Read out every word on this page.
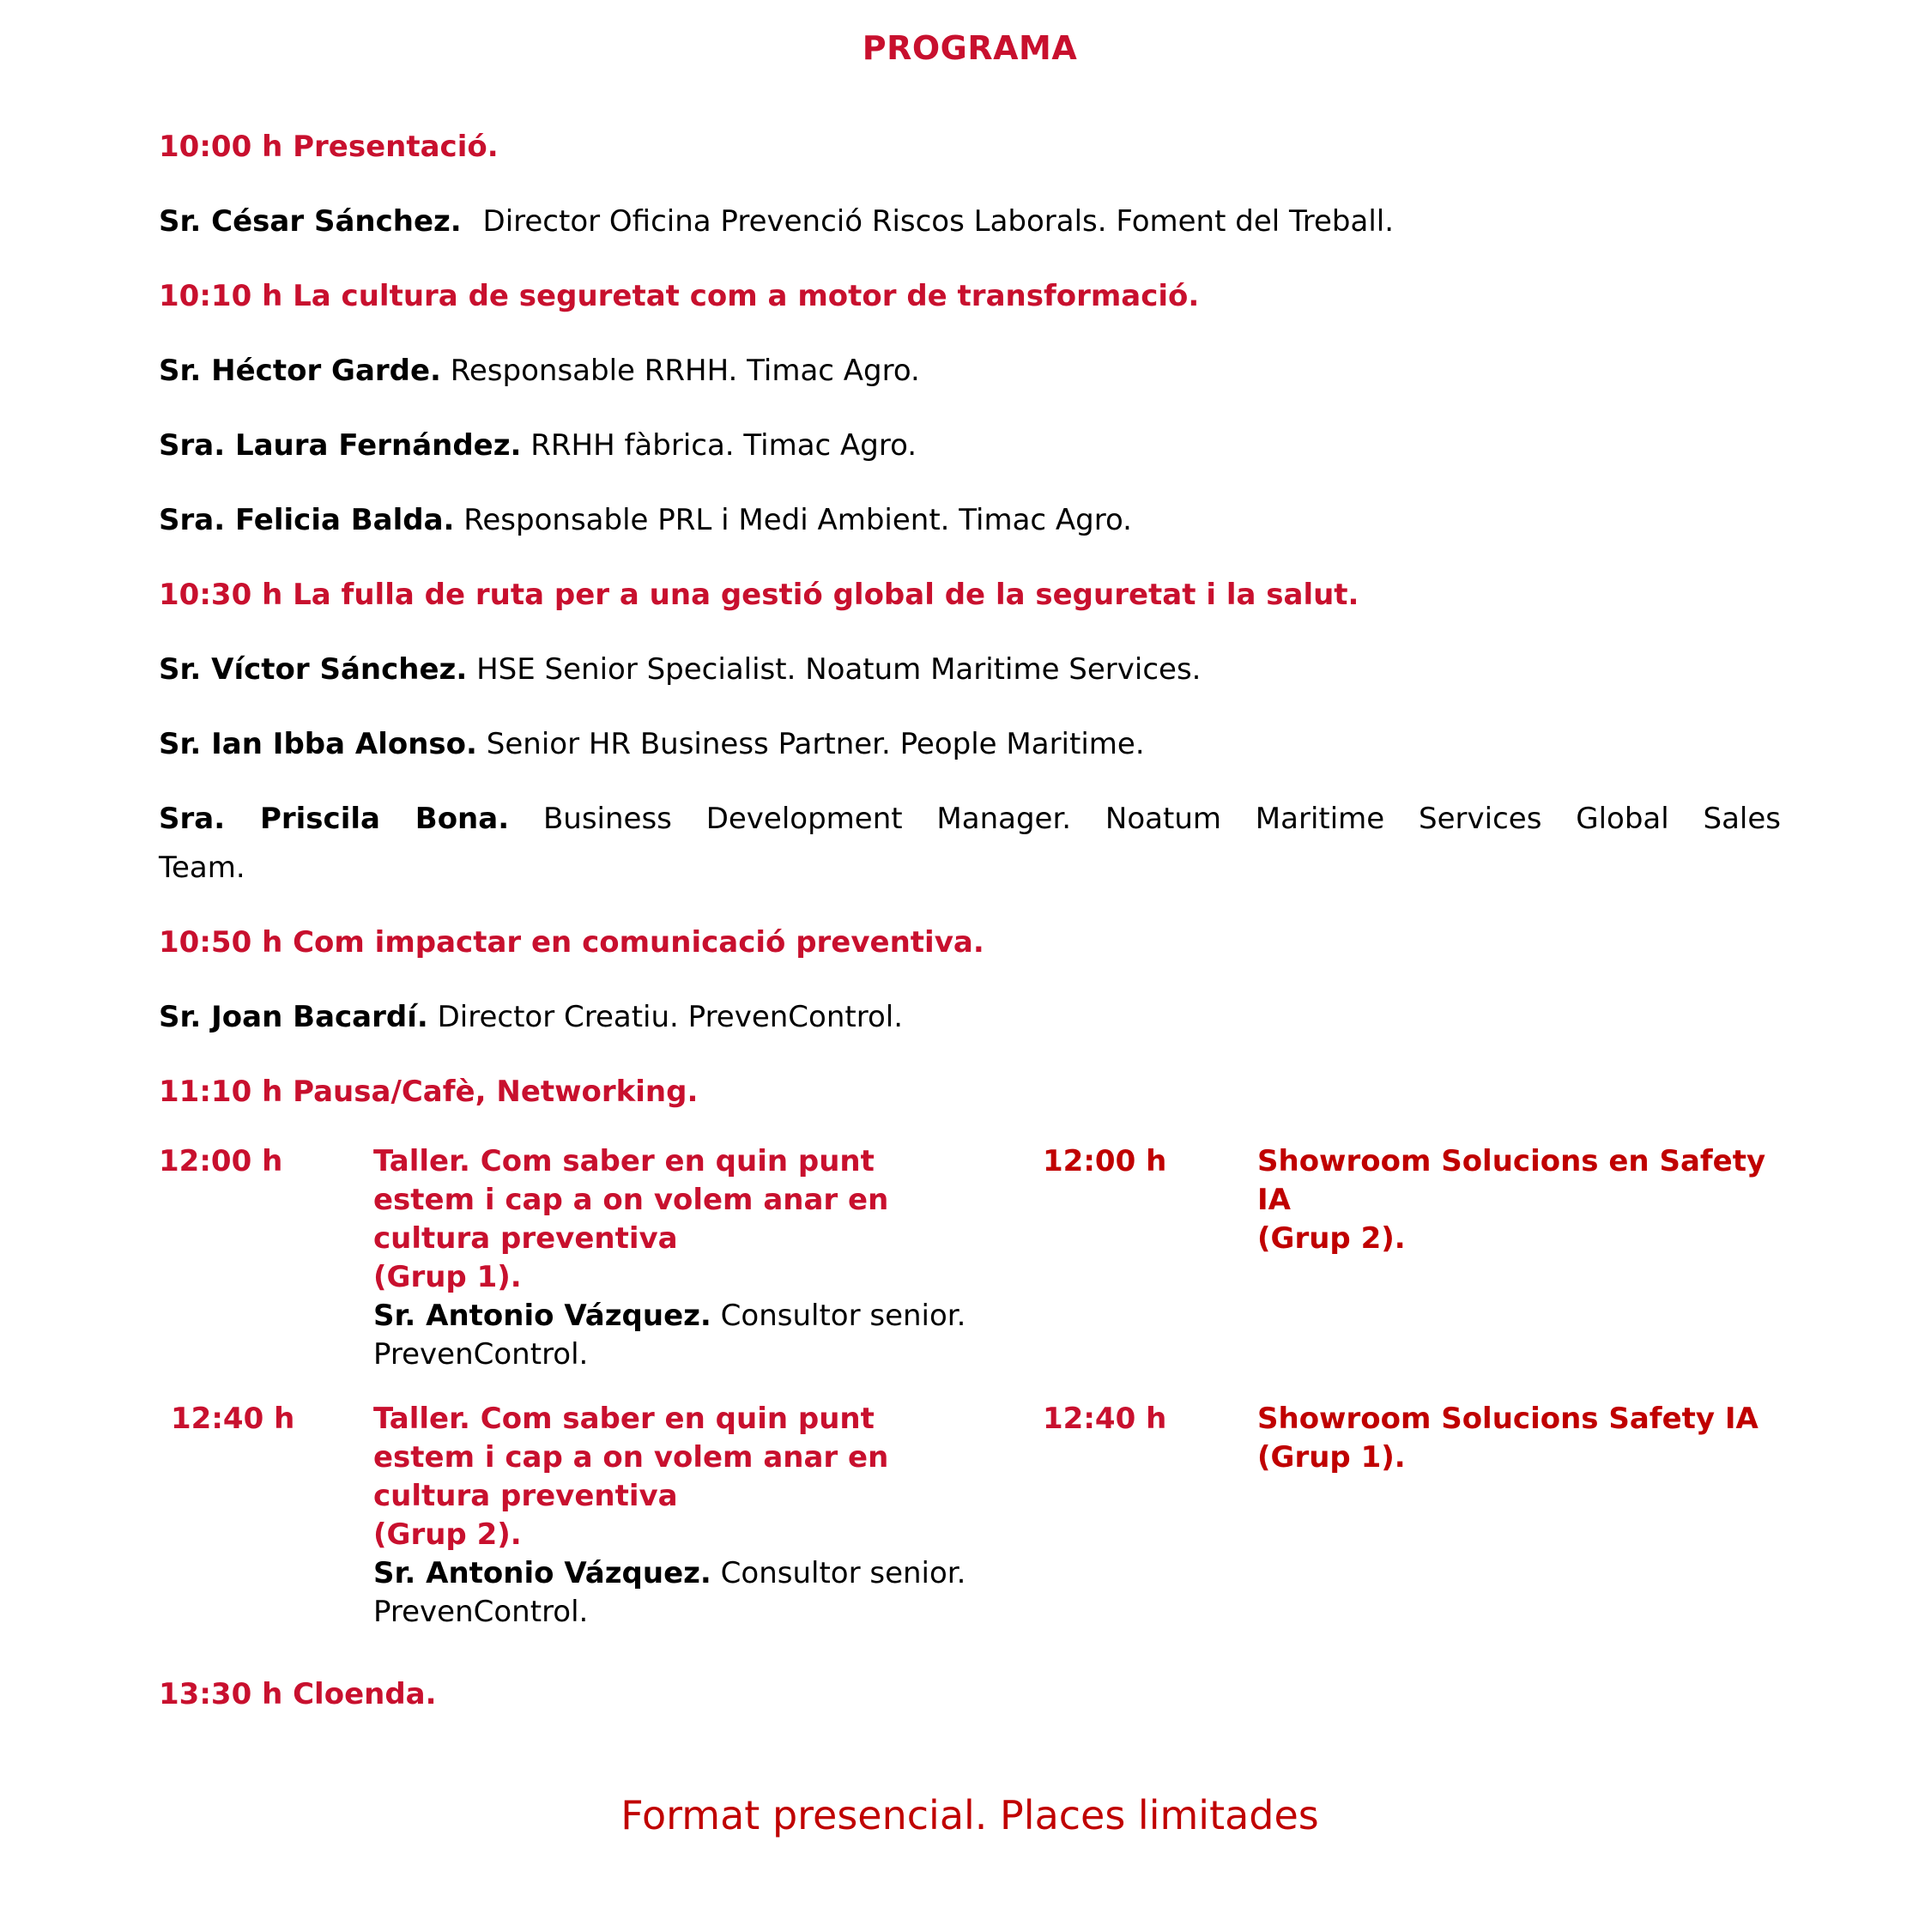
PROGRAMA
10:00 h Presentació.

Sr. César Sánchez. Director Oficina Prevenció Riscos Laborals. Foment del Treball.

10:10 h La cultura de seguretat com a motor de transformació.

Sr. Héctor Garde. Responsable RRHH. Timac Agro.

Sra. Laura Fernández. RRHH fàbrica. Timac Agro.

Sra. Felicia Balda. Responsable PRL i Medi Ambient. Timac Agro.

10:30 h La fulla de ruta per a una gestió global de la seguretat i la salut.

Sr. Víctor Sánchez. HSE Senior Specialist. Noatum Maritime Services.

Sr. Ian Ibba Alonso. Senior HR Business Partner. People Maritime.

Sra. Priscila Bona. Business Development Manager. Noatum Maritime Services Global Sales
Team.
10:50 h Com impactar en comunicació preventiva.

Sr. Joan Bacardí. Director Creatiu. PrevenControl.

11:10 h Pausa/Cafè, Networking.
12:00 h	Taller. Com saber en quin punt
estem i cap a on volem anar en
cultura preventiva
(Grup 1).
Sr. Antonio Vázquez. Consultor senior. PrevenControl.
12:00 h	Showroom Solucions en Safety
IA
(Grup 2).
12:40 h	Taller. Com saber en quin punt
estem i cap a on volem anar en
cultura preventiva
(Grup 2).
Sr. Antonio Vázquez. Consultor senior. PrevenControl.
12:40 h	Showroom Solucions Safety IA
(Grup 1).
13:30 h Cloenda.
Format presencial. Places limitades
